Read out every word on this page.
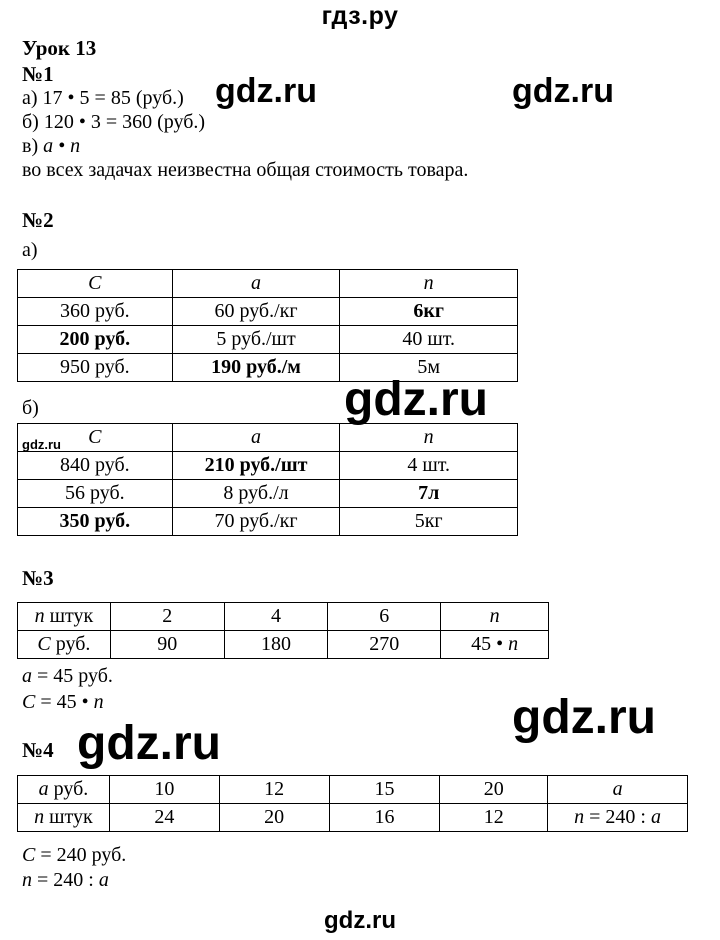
гдз.ру
gdz.ru	gdz.ru
gdz.ru
gdz.ru
gdz.ru
Урок 13
№1
а) 17 • 5 = 85 (руб.)
б) 120 • 3 = 360 (руб.)
в) a • n
во всех задачах неизвестна общая стоимость товара.
№2
а)
C	a	n
360 руб.	60 руб./кг	6кг
200 руб.	5 руб./шт	40 шт.
950 руб.	190 руб./м	5м
б)
gdz.ru C	a	n
840 руб.	210 руб./шт	4 шт.
56 руб.	8 руб./л	7л
350 руб.	70 руб./кг	5кг
№3
n штук	2	4	6	n
C руб.	90	180	270	45 • n
a = 45 руб.
C = 45 • n
№4
a руб.	10	12	15	20	a
n штук	24	20	16	12	n = 240 : a
C = 240 руб.
n = 240 : a
gdz.ru
